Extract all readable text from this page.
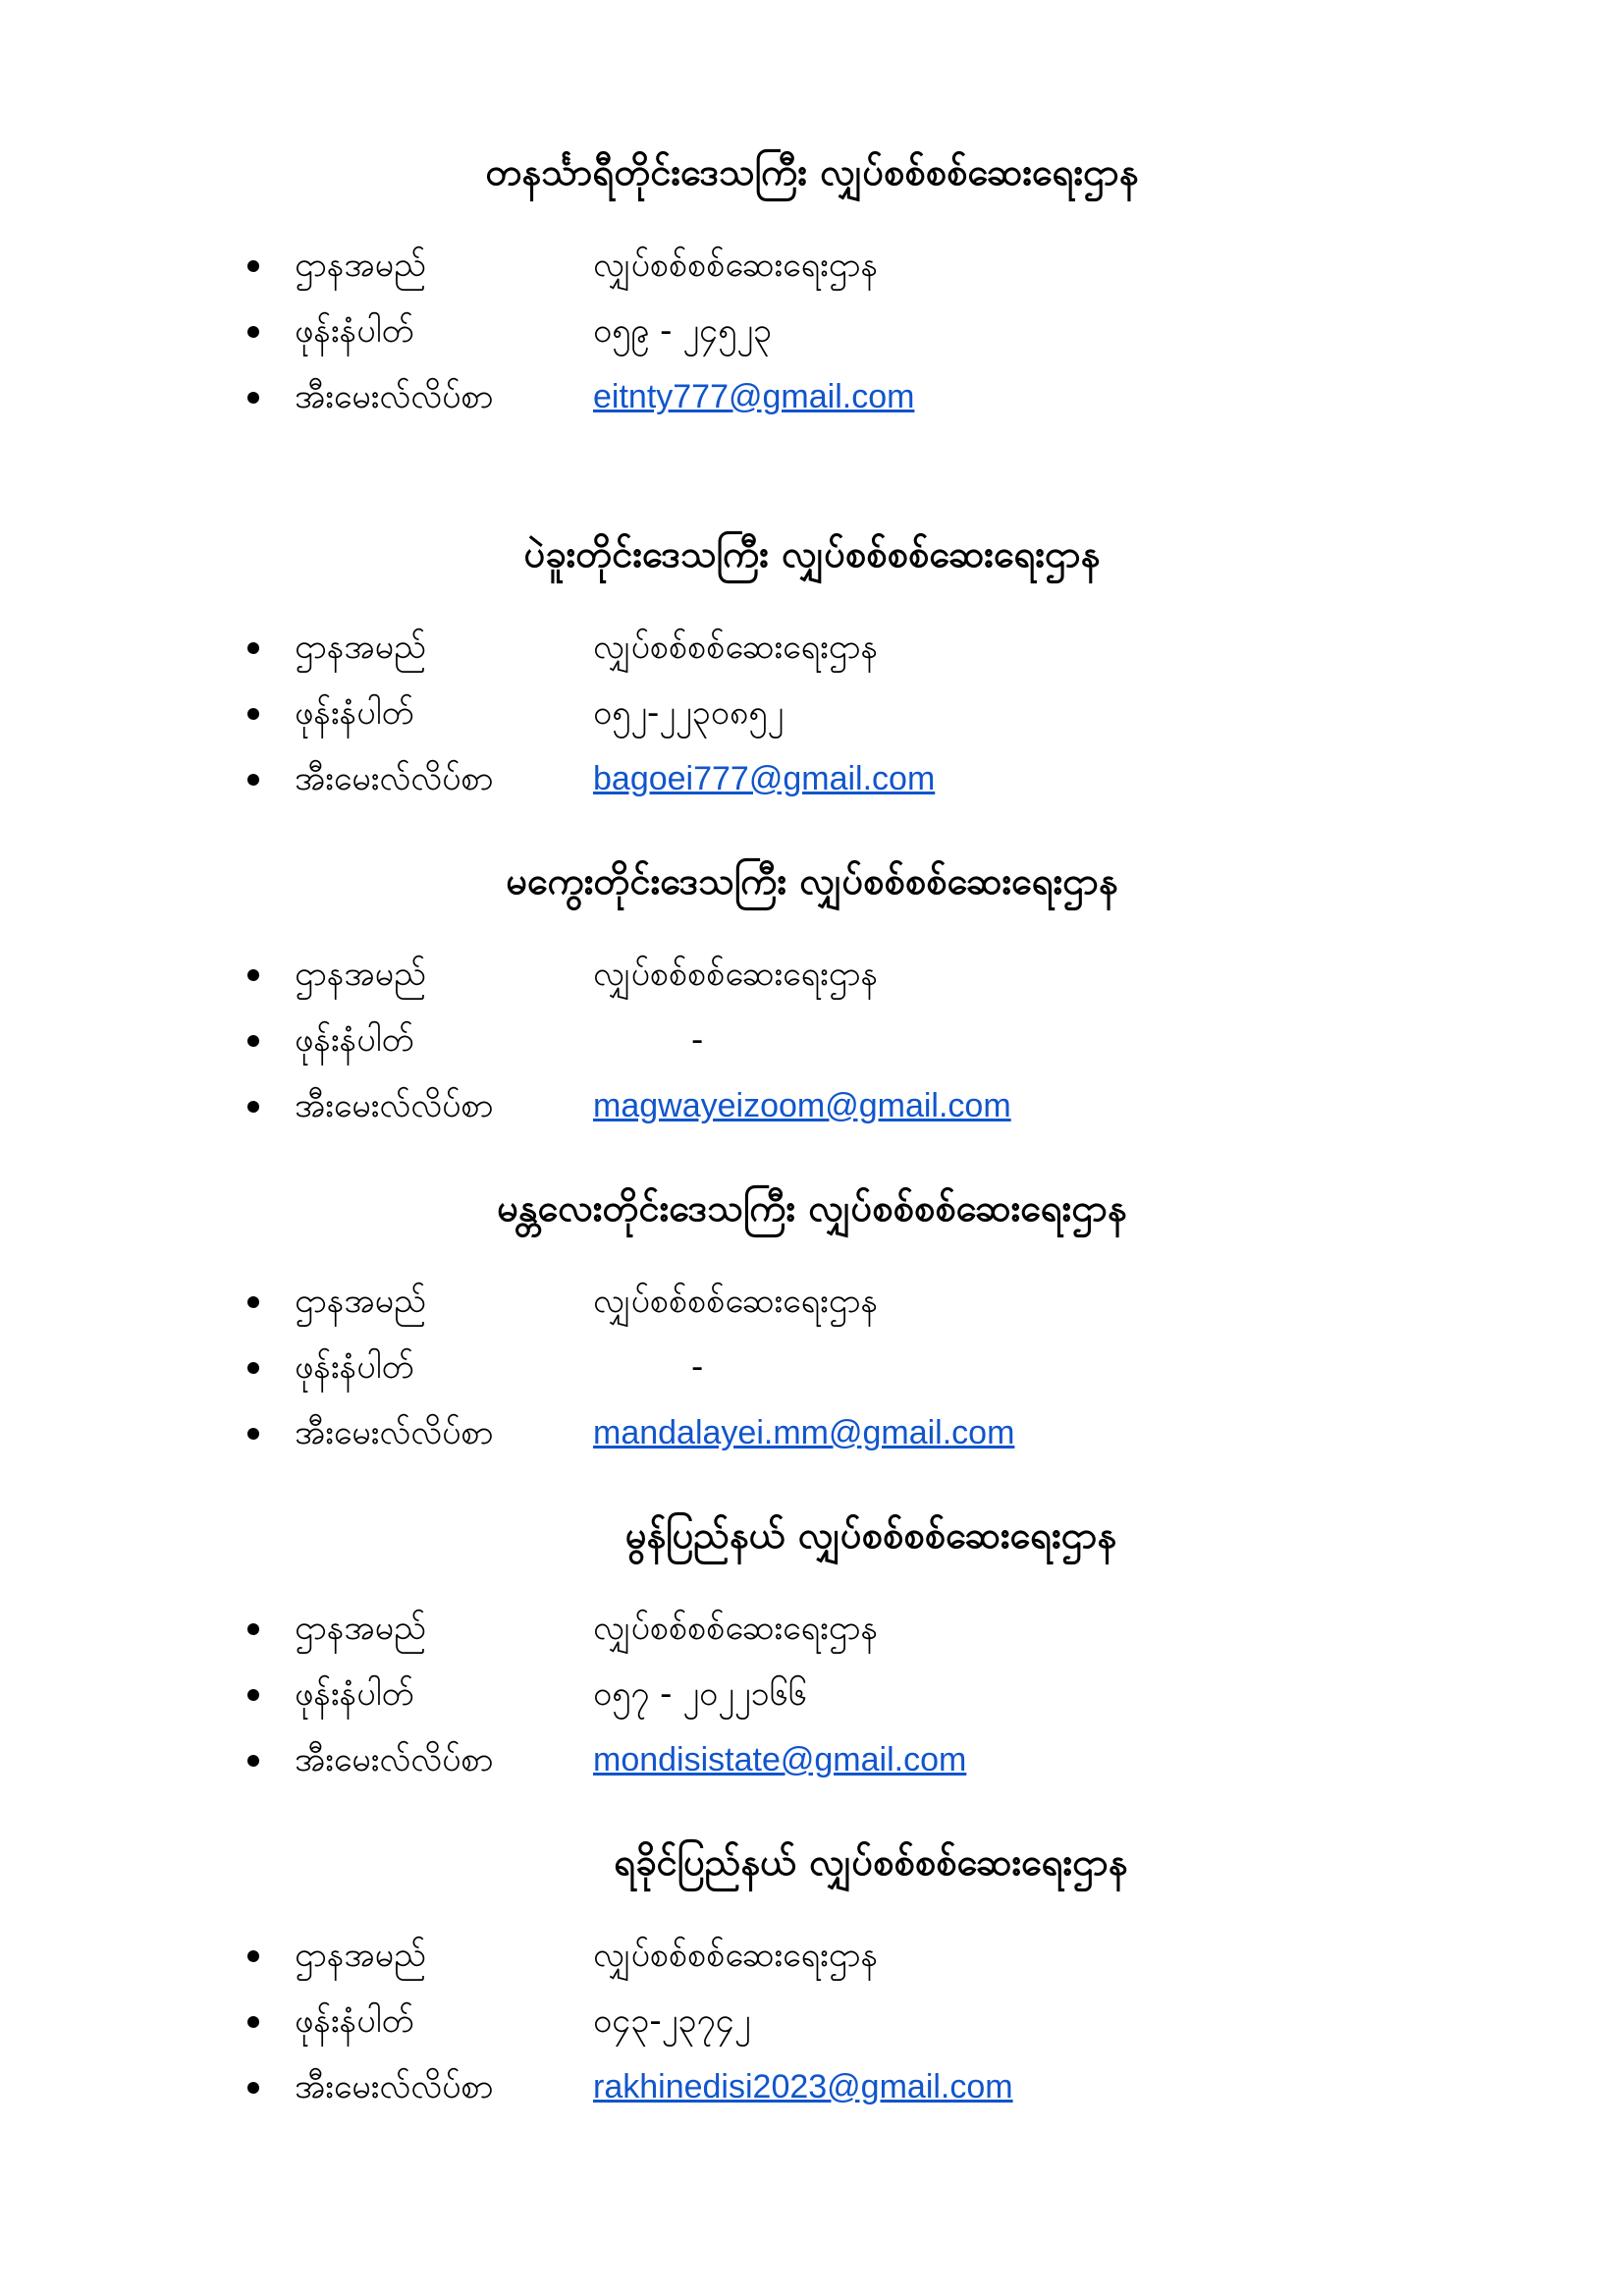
တနင်္သာရီတိုင်းဒေသကြီး လျှပ်စစ်စစ်ဆေးရေးဌာန
ဌာနအမည်	လျှပ်စစ်စစ်ဆေးရေးဌာန
ဖုန်းနံပါတ်	၀၅၉ - ၂၄၅၂၃
အီးမေးလ်လိပ်စာ	eitnty777@gmail.com
ပဲခူးတိုင်းဒေသကြီး လျှပ်စစ်စစ်ဆေးရေးဌာန
ဌာနအမည်	လျှပ်စစ်စစ်ဆေးရေးဌာန
ဖုန်းနံပါတ်	၀၅၂-၂၂၃၀၈၅၂
အီးမေးလ်လိပ်စာ	bagoei777@gmail.com
မကွေးတိုင်းဒေသကြီး လျှပ်စစ်စစ်ဆေးရေးဌာန
ဌာနအမည်	လျှပ်စစ်စစ်ဆေးရေးဌာန
ဖုန်းနံပါတ်	-
အီးမေးလ်လိပ်စာ	magwayeizoom@gmail.com
မန္တလေးတိုင်းဒေသကြီး လျှပ်စစ်စစ်ဆေးရေးဌာန
ဌာနအမည်	လျှပ်စစ်စစ်ဆေးရေးဌာန
ဖုန်းနံပါတ်	-
အီးမေးလ်လိပ်စာ	mandalayei.mm@gmail.com
မွန်ပြည်နယ် လျှပ်စစ်စစ်ဆေးရေးဌာန
ဌာနအမည်	လျှပ်စစ်စစ်ဆေးရေးဌာန
ဖုန်းနံပါတ်	၀၅၇ - ၂၀၂၂၁၆၆
အီးမေးလ်လိပ်စာ	mondisistate@gmail.com
ရခိုင်ပြည်နယ် လျှပ်စစ်စစ်ဆေးရေးဌာန
ဌာနအမည်	လျှပ်စစ်စစ်ဆေးရေးဌာန
ဖုန်းနံပါတ်	၀၄၃-၂၃၇၄၂
အီးမေးလ်လိပ်စာ	rakhinedisi2023@gmail.com
